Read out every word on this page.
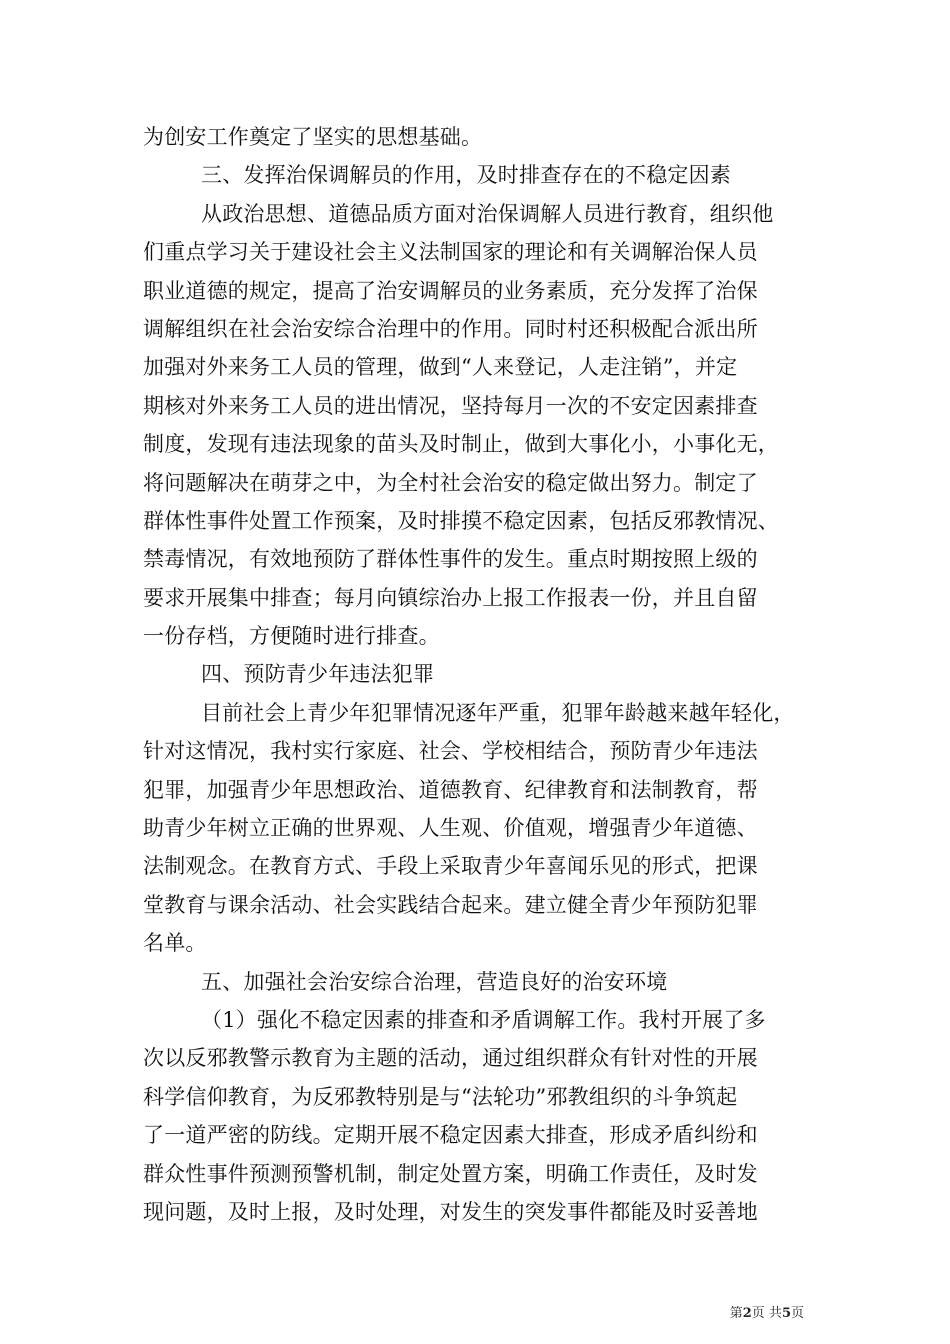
为创安工作奠定了坚实的思想基础。
三、发挥治保调解员的作用，及时排查存在的不稳定因素
从政治思想、道德品质方面对治保调解人员进行教育，组织他
们重点学习关于建设社会主义法制国家的理论和有关调解治保人员
职业道德的规定，提高了治安调解员的业务素质，充分发挥了治保
调解组织在社会治安综合治理中的作用。同时村还积极配合派出所
加强对外来务工人员的管理，做到“人来登记，人走注销”，并定
期核对外来务工人员的进出情况，坚持每月一次的不安定因素排查
制度，发现有违法现象的苗头及时制止，做到大事化小，小事化无，
将问题解决在萌芽之中，为全村社会治安的稳定做出努力。制定了
群体性事件处置工作预案，及时排摸不稳定因素，包括反邪教情况、
禁毒情况，有效地预防了群体性事件的发生。重点时期按照上级的
要求开展集中排查；每月向镇综治办上报工作报表一份，并且自留
一份存档，方便随时进行排查。
四、预防青少年违法犯罪
目前社会上青少年犯罪情况逐年严重，犯罪年龄越来越年轻化，
针对这情况，我村实行家庭、社会、学校相结合，预防青少年违法
犯罪，加强青少年思想政治、道德教育、纪律教育和法制教育，帮
助青少年树立正确的世界观、人生观、价值观，增强青少年道德、
法制观念。在教育方式、手段上采取青少年喜闻乐见的形式，把课
堂教育与课余活动、社会实践结合起来。建立健全青少年预防犯罪
名单。
五、加强社会治安综合治理，营造良好的治安环境
（1）强化不稳定因素的排查和矛盾调解工作。我村开展了多
次以反邪教警示教育为主题的活动，通过组织群众有针对性的开展
科学信仰教育，为反邪教特别是与“法轮功”邪教组织的斗争筑起
了一道严密的防线。定期开展不稳定因素大排查，形成矛盾纠纷和
群众性事件预测预警机制，制定处置方案，明确工作责任，及时发
现问题，及时上报，及时处理，对发生的突发事件都能及时妥善地
第2页 共5页
